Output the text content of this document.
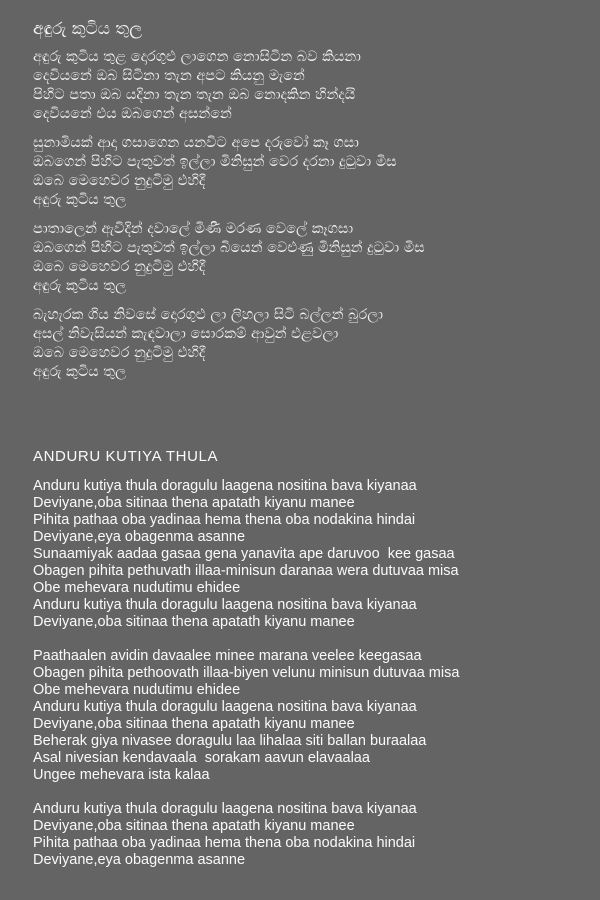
අඳුරු කුටිය තුල
අඳුරු කුටිය තුළ දොරගුළු ලාගෙන නොසිටින බව කියනා
දෙවියනේ ඔබ සිටිනා තැන අපට කියනු මැනේ
පිහිට පතා ඔබ යදිනා තැන තැන ඔබ නොදකින හින්දයි
දෙවියනේ එය ඔබගෙන් අසන්නේ
සුනාමියක් ආදා ගසාගෙන යනවිට අපෙ දරුවෝ කෑ ගසා
ඔබගෙන් පිහිට පැතුවත් ඉල්ලා මිනිසුන් වෙර දරනා දුටුවා මිස
ඔබෙ මෙහෙවර නුදුටිමු එහිදී
අඳුරු කුටිය තුල
පාතාලෙන් ඇවිදින් දවාලේ මිණී මරණ වෙලේ කෑගසා
ඔබගෙන් පිහිට පැතුවත් ඉල්ලා බියෙන් වෙළුණු මිනිසුන් දුටුවා මිස
ඔබෙ මෙහෙවර නුදුටිමු එහිදී
අඳුරු කුටිය තුල
බැහැරක ගිය නිවසේ දොරගුළු ලා ලිහලා සිටි බල්ලන් බුරලා
අසල් නිවැසියන් කැඳවාලා සොරකම් ආවුන් එළවලා
ඔබෙ මෙහෙවර නුදුටිමු එහිදී
අඳුරු කුටිය තුල
ANDURU KUTIYA THULA
Anduru kutiya thula doragulu laagena nositina bava kiyanaa
Deviyane,oba sitinaa thena apatath kiyanu manee
Pihita pathaa oba yadinaa hema thena oba nodakina hindai
Deviyane,eya obagenma asanne
Sunaamiyak aadaa gasaa gena yanavita ape daruvoo  kee gasaa
Obagen pihita pethuvath illaa-minisun daranaa wera dutuvaa misa
Obe mehevara nudutimu ehidee
Anduru kutiya thula doragulu laagena nositina bava kiyanaa
Deviyane,oba sitinaa thena apatath kiyanu manee
Paathaalen avidin davaalee minee marana veelee keegasaa
Obagen pihita pethoovath illaa-biyen velunu minisun dutuvaa misa
Obe mehevara nudutimu ehidee
Anduru kutiya thula doragulu laagena nositina bava kiyanaa
Deviyane,oba sitinaa thena apatath kiyanu manee
Beherak giya nivasee doragulu laa lihalaa siti ballan buraalaa
Asal nivesian kendavaala  sorakam aavun elavaalaa
Ungee mehevara ista kalaa
Anduru kutiya thula doragulu laagena nositina bava kiyanaa
Deviyane,oba sitinaa thena apatath kiyanu manee
Pihita pathaa oba yadinaa hema thena oba nodakina hindai
Deviyane,eya obagenma asanne
